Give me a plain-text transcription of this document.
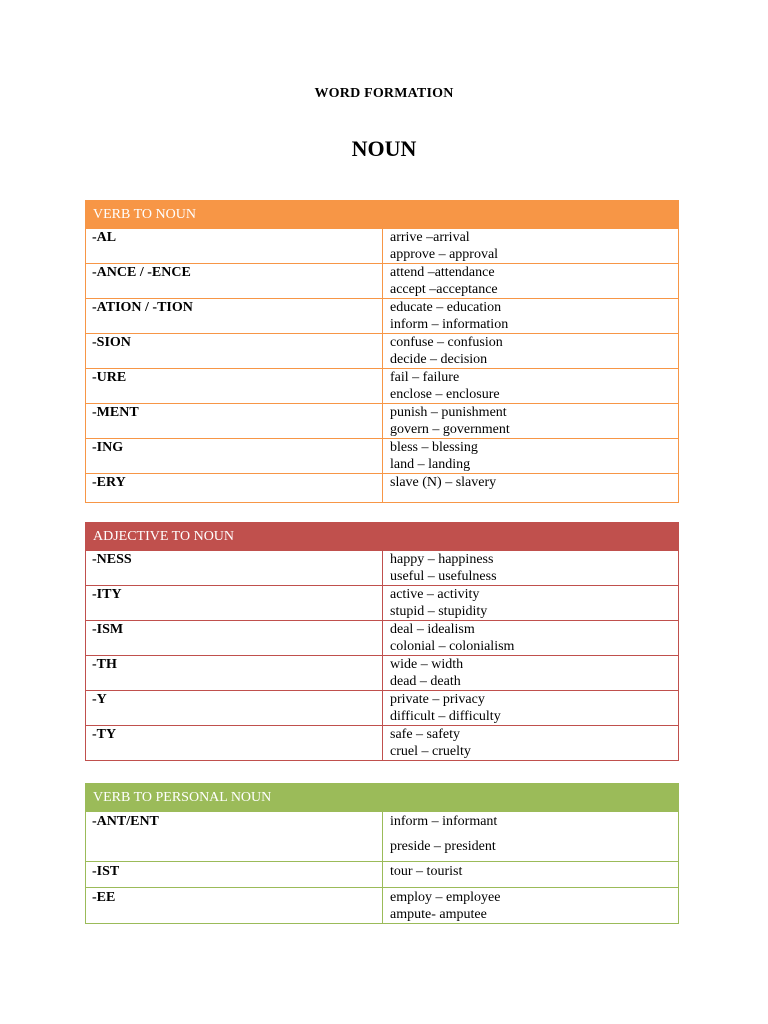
WORD FORMATION
NOUN
VERB TO NOUN	
-AL	arrive –arrival
approve – approval

-ANCE / -ENCE	attend –attendance
accept –acceptance

-ATION / -TION	educate – education
inform – information

-SION	confuse – confusion
decide – decision

-URE	fail – failure
enclose – enclosure

-MENT	punish – punishment
govern – government

-ING	bless – blessing
land – landing

-ERY	slave (N) – slavery
ADJECTIVE TO NOUN	
-NESS	happy – happiness
useful – usefulness

-ITY	active – activity
stupid – stupidity

-ISM	deal – idealism
colonial – colonialism

-TH	wide – width
dead – death

-Y	private – privacy
difficult – difficulty

-TY	safe – safety
cruel – cruelty
VERB TO PERSONAL NOUN	
-ANT/ENT	inform – informant
preside – president

-IST	tour – tourist

-EE	employ – employee
ampute- amputee
